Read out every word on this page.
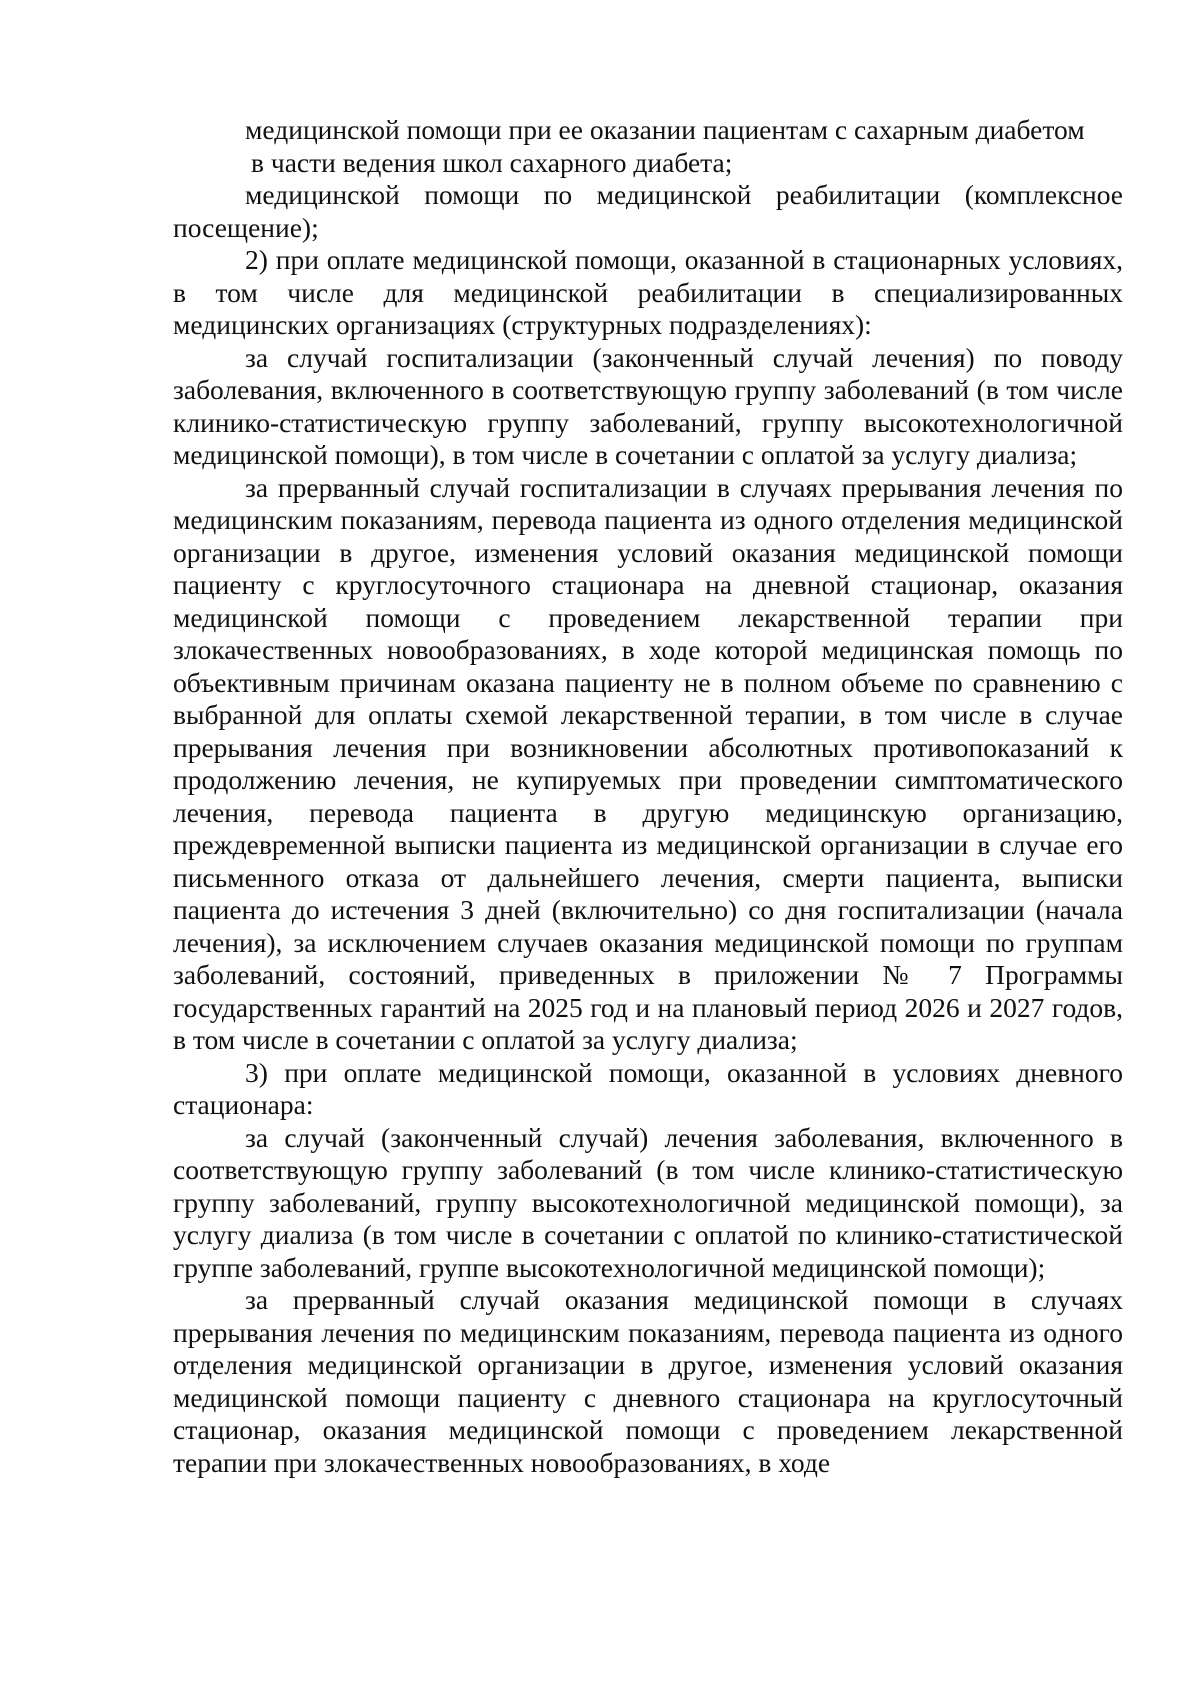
медицинской помощи при ее оказании пациентам с сахарным диабетом

в части ведения школ сахарного диабета;

медицинской помощи по медицинской реабилитации (комплексное посещение);

2) при оплате медицинской помощи, оказанной в стационарных условиях, в том числе для медицинской реабилитации в специализированных медицинских организациях (структурных подразделениях):

за случай госпитализации (законченный случай лечения) по поводу заболевания, включенного в соответствующую группу заболеваний (в том числе клинико-статистическую группу заболеваний, группу высокотехнологичной медицинской помощи), в том числе в сочетании с оплатой за услугу диализа;

за прерванный случай госпитализации в случаях прерывания лечения по медицинским показаниям, перевода пациента из одного отделения медицинской организации в другое, изменения условий оказания медицинской помощи пациенту с круглосуточного стационара на дневной стационар, оказания медицинской помощи с проведением лекарственной терапии при злокачественных новообразованиях, в ходе которой медицинская помощь по объективным причинам оказана пациенту не в полном объеме по сравнению с выбранной для оплаты схемой лекарственной терапии, в том числе в случае прерывания лечения при возникновении абсолютных противопоказаний к продолжению лечения, не купируемых при проведении симптоматического лечения, перевода пациента в другую медицинскую организацию, преждевременной выписки пациента из медицинской организации в случае его письменного отказа от дальнейшего лечения, смерти пациента, выписки пациента до истечения 3 дней (включительно) со дня госпитализации (начала лечения), за исключением случаев оказания медицинской помощи по группам заболеваний, состояний, приведенных в приложении № 7 Программы государственных гарантий на 2025 год и на плановый период 2026 и 2027 годов, в том числе в сочетании с оплатой за услугу диализа;

3) при оплате медицинской помощи, оказанной в условиях дневного стационара:

за случай (законченный случай) лечения заболевания, включенного в соответствующую группу заболеваний (в том числе клинико-статистическую группу заболеваний, группу высокотехнологичной медицинской помощи), за услугу диализа (в том числе в сочетании с оплатой по клинико-статистической группе заболеваний, группе высокотехнологичной медицинской помощи);

за прерванный случай оказания медицинской помощи в случаях прерывания лечения по медицинским показаниям, перевода пациента из одного отделения медицинской организации в другое, изменения условий оказания медицинской помощи пациенту с дневного стационара на круглосуточный стационар, оказания медицинской помощи с проведением лекарственной терапии при злокачественных новообразованиях, в ходе
